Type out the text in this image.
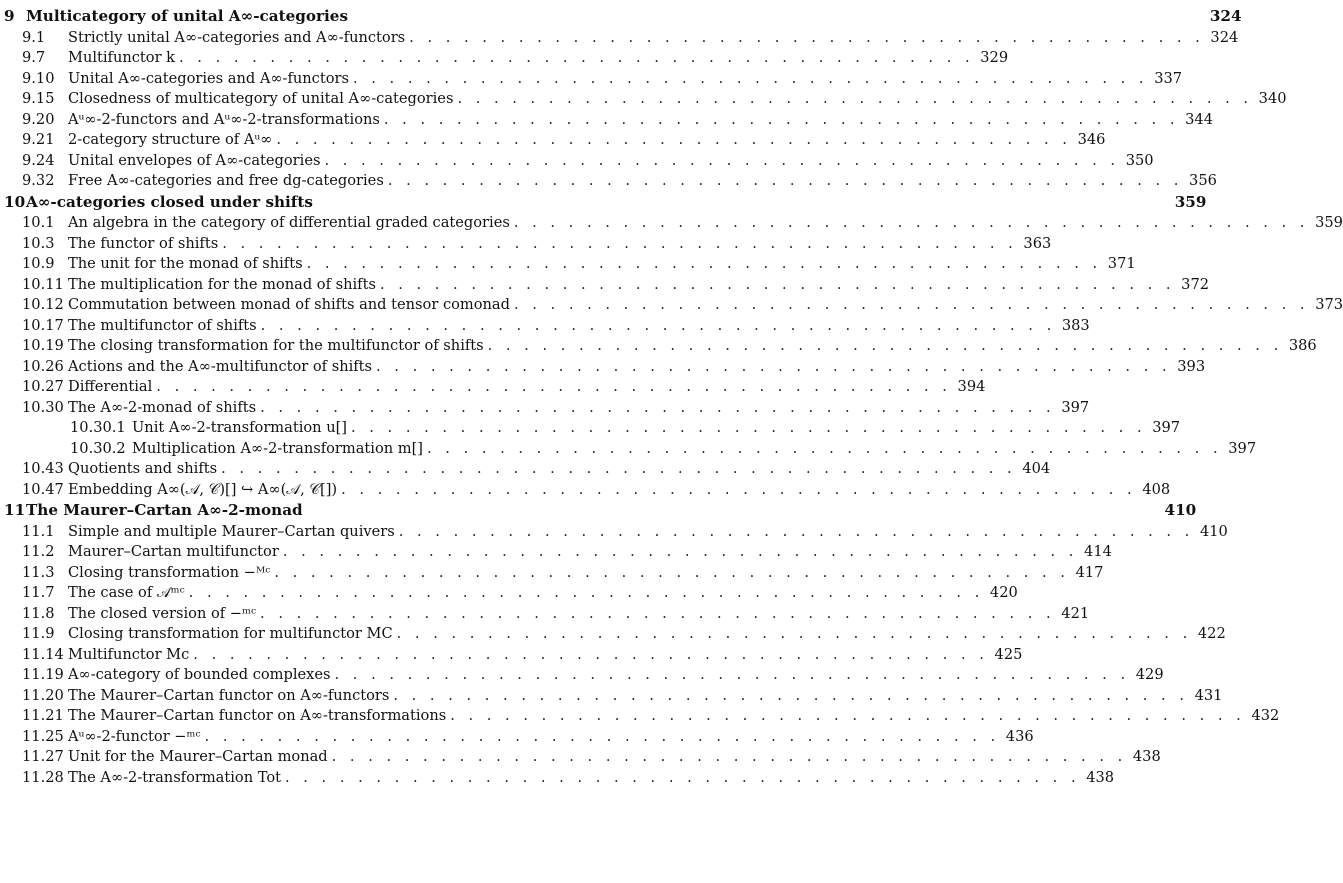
9 Multicategory of unital A∞-categories	324
9.1	Strictly unital A∞-categories and A∞-functors . . . . . . . . . . . . . . . . . . . . . . . . . . . . . . . . . . . . . . . . . . . . 324
9.7	Multifunctor k . . . . . . . . . . . . . . . . . . . . . . . . . . . . . . . . . . . . . . . . . . . . 329
9.10 Unital A∞-categories and A∞-functors . . . . . . . . . . . . . . . . . . . . . . . . . . . . . . . . . . . . . . . . . . . . 337
9.15 Closedness of multicategory of unital A∞-categories . . . . . . . . . . . . . . . . . . . . . . . . . . . . . . . . . . . . . . . . . . . . 340
9.20 Aᵘ∞-2-functors and Aᵘ∞-2-transformations . . . . . . . . . . . . . . . . . . . . . . . . . . . . . . . . . . . . . . . . . . . . 344
9.21 2-category structure of Aᵘ∞ . . . . . . . . . . . . . . . . . . . . . . . . . . . . . . . . . . . . . . . . . . . . 346
9.24 Unital envelopes of A∞-categories . . . . . . . . . . . . . . . . . . . . . . . . . . . . . . . . . . . . . . . . . . . . 350
9.32 Free A∞-categories and free dg-categories . . . . . . . . . . . . . . . . . . . . . . . . . . . . . . . . . . . . . . . . . . . . 356
10 A∞-categories closed under shifts	359
10.1 An algebra in the category of differential graded categories . . . . . . . . . . . . . . . . . . . . . . . . . . . . . . . . . . . . . . . . . . . . 359
10.3 The functor of shifts . . . . . . . . . . . . . . . . . . . . . . . . . . . . . . . . . . . . . . . . . . . . 363
10.9 The unit for the monad of shifts . . . . . . . . . . . . . . . . . . . . . . . . . . . . . . . . . . . . . . . . . . . . 371
10.11 The multiplication for the monad of shifts . . . . . . . . . . . . . . . . . . . . . . . . . . . . . . . . . . . . . . . . . . . . 372
10.12 Commutation between monad of shifts and tensor comonad . . . . . . . . . . . . . . . . . . . . . . . . . . . . . . . . . . . . . . . . . . . . 373
10.17 The multifunctor of shifts . . . . . . . . . . . . . . . . . . . . . . . . . . . . . . . . . . . . . . . . . . . . 383
10.19 The closing transformation for the multifunctor of shifts . . . . . . . . . . . . . . . . . . . . . . . . . . . . . . . . . . . . . . . . . . . . 386
10.26 Actions and the A∞-multifunctor of shifts . . . . . . . . . . . . . . . . . . . . . . . . . . . . . . . . . . . . . . . . . . . . 393
10.27 Differential . . . . . . . . . . . . . . . . . . . . . . . . . . . . . . . . . . . . . . . . . . . . 394
10.30 The A∞-2-monad of shifts . . . . . . . . . . . . . . . . . . . . . . . . . . . . . . . . . . . . . . . . . . . . 397
10.30.1 Unit A∞-2-transformation u[] . . . . . . . . . . . . . . . . . . . . . . . . . . . . . . . . . . . . . . . . . . . . 397
10.30.2 Multiplication A∞-2-transformation m[] . . . . . . . . . . . . . . . . . . . . . . . . . . . . . . . . . . . . . . . . . . . . 397
10.43 Quotients and shifts . . . . . . . . . . . . . . . . . . . . . . . . . . . . . . . . . . . . . . . . . . . . 404
10.47 Embedding A∞(𝒜, 𝒞)[] ↪ A∞(𝒜, 𝒞[]) . . . . . . . . . . . . . . . . . . . . . . . . . . . . . . . . . . . . . . . . . . . . 408
11 The Maurer–Cartan A∞-2-monad	410
11.1 Simple and multiple Maurer–Cartan quivers . . . . . . . . . . . . . . . . . . . . . . . . . . . . . . . . . . . . . . . . . . . . 410
11.2 Maurer–Cartan multifunctor . . . . . . . . . . . . . . . . . . . . . . . . . . . . . . . . . . . . . . . . . . . . 414
11.3 Closing transformation −ᴹᶜ . . . . . . . . . . . . . . . . . . . . . . . . . . . . . . . . . . . . . . . . . . . . 417
11.7 The case of 𝒜ᵐᶜ . . . . . . . . . . . . . . . . . . . . . . . . . . . . . . . . . . . . . . . . . . . . 420
11.8 The closed version of −ᵐᶜ . . . . . . . . . . . . . . . . . . . . . . . . . . . . . . . . . . . . . . . . . . . . 421
11.9 Closing transformation for multifunctor MC . . . . . . . . . . . . . . . . . . . . . . . . . . . . . . . . . . . . . . . . . . . . 422
11.14 Multifunctor Mc . . . . . . . . . . . . . . . . . . . . . . . . . . . . . . . . . . . . . . . . . . . . 425
11.19 A∞-category of bounded complexes . . . . . . . . . . . . . . . . . . . . . . . . . . . . . . . . . . . . . . . . . . . . 429
11.20 The Maurer–Cartan functor on A∞-functors . . . . . . . . . . . . . . . . . . . . . . . . . . . . . . . . . . . . . . . . . . . . 431
11.21 The Maurer–Cartan functor on A∞-transformations . . . . . . . . . . . . . . . . . . . . . . . . . . . . . . . . . . . . . . . . . . . . 432
11.25 Aᵘ∞-2-functor −ᵐᶜ . . . . . . . . . . . . . . . . . . . . . . . . . . . . . . . . . . . . . . . . . . . . 436
11.27 Unit for the Maurer–Cartan monad . . . . . . . . . . . . . . . . . . . . . . . . . . . . . . . . . . . . . . . . . . . . 438
11.28 The A∞-2-transformation Tot . . . . . . . . . . . . . . . . . . . . . . . . . . . . . . . . . . . . . . . . . . . . 438
